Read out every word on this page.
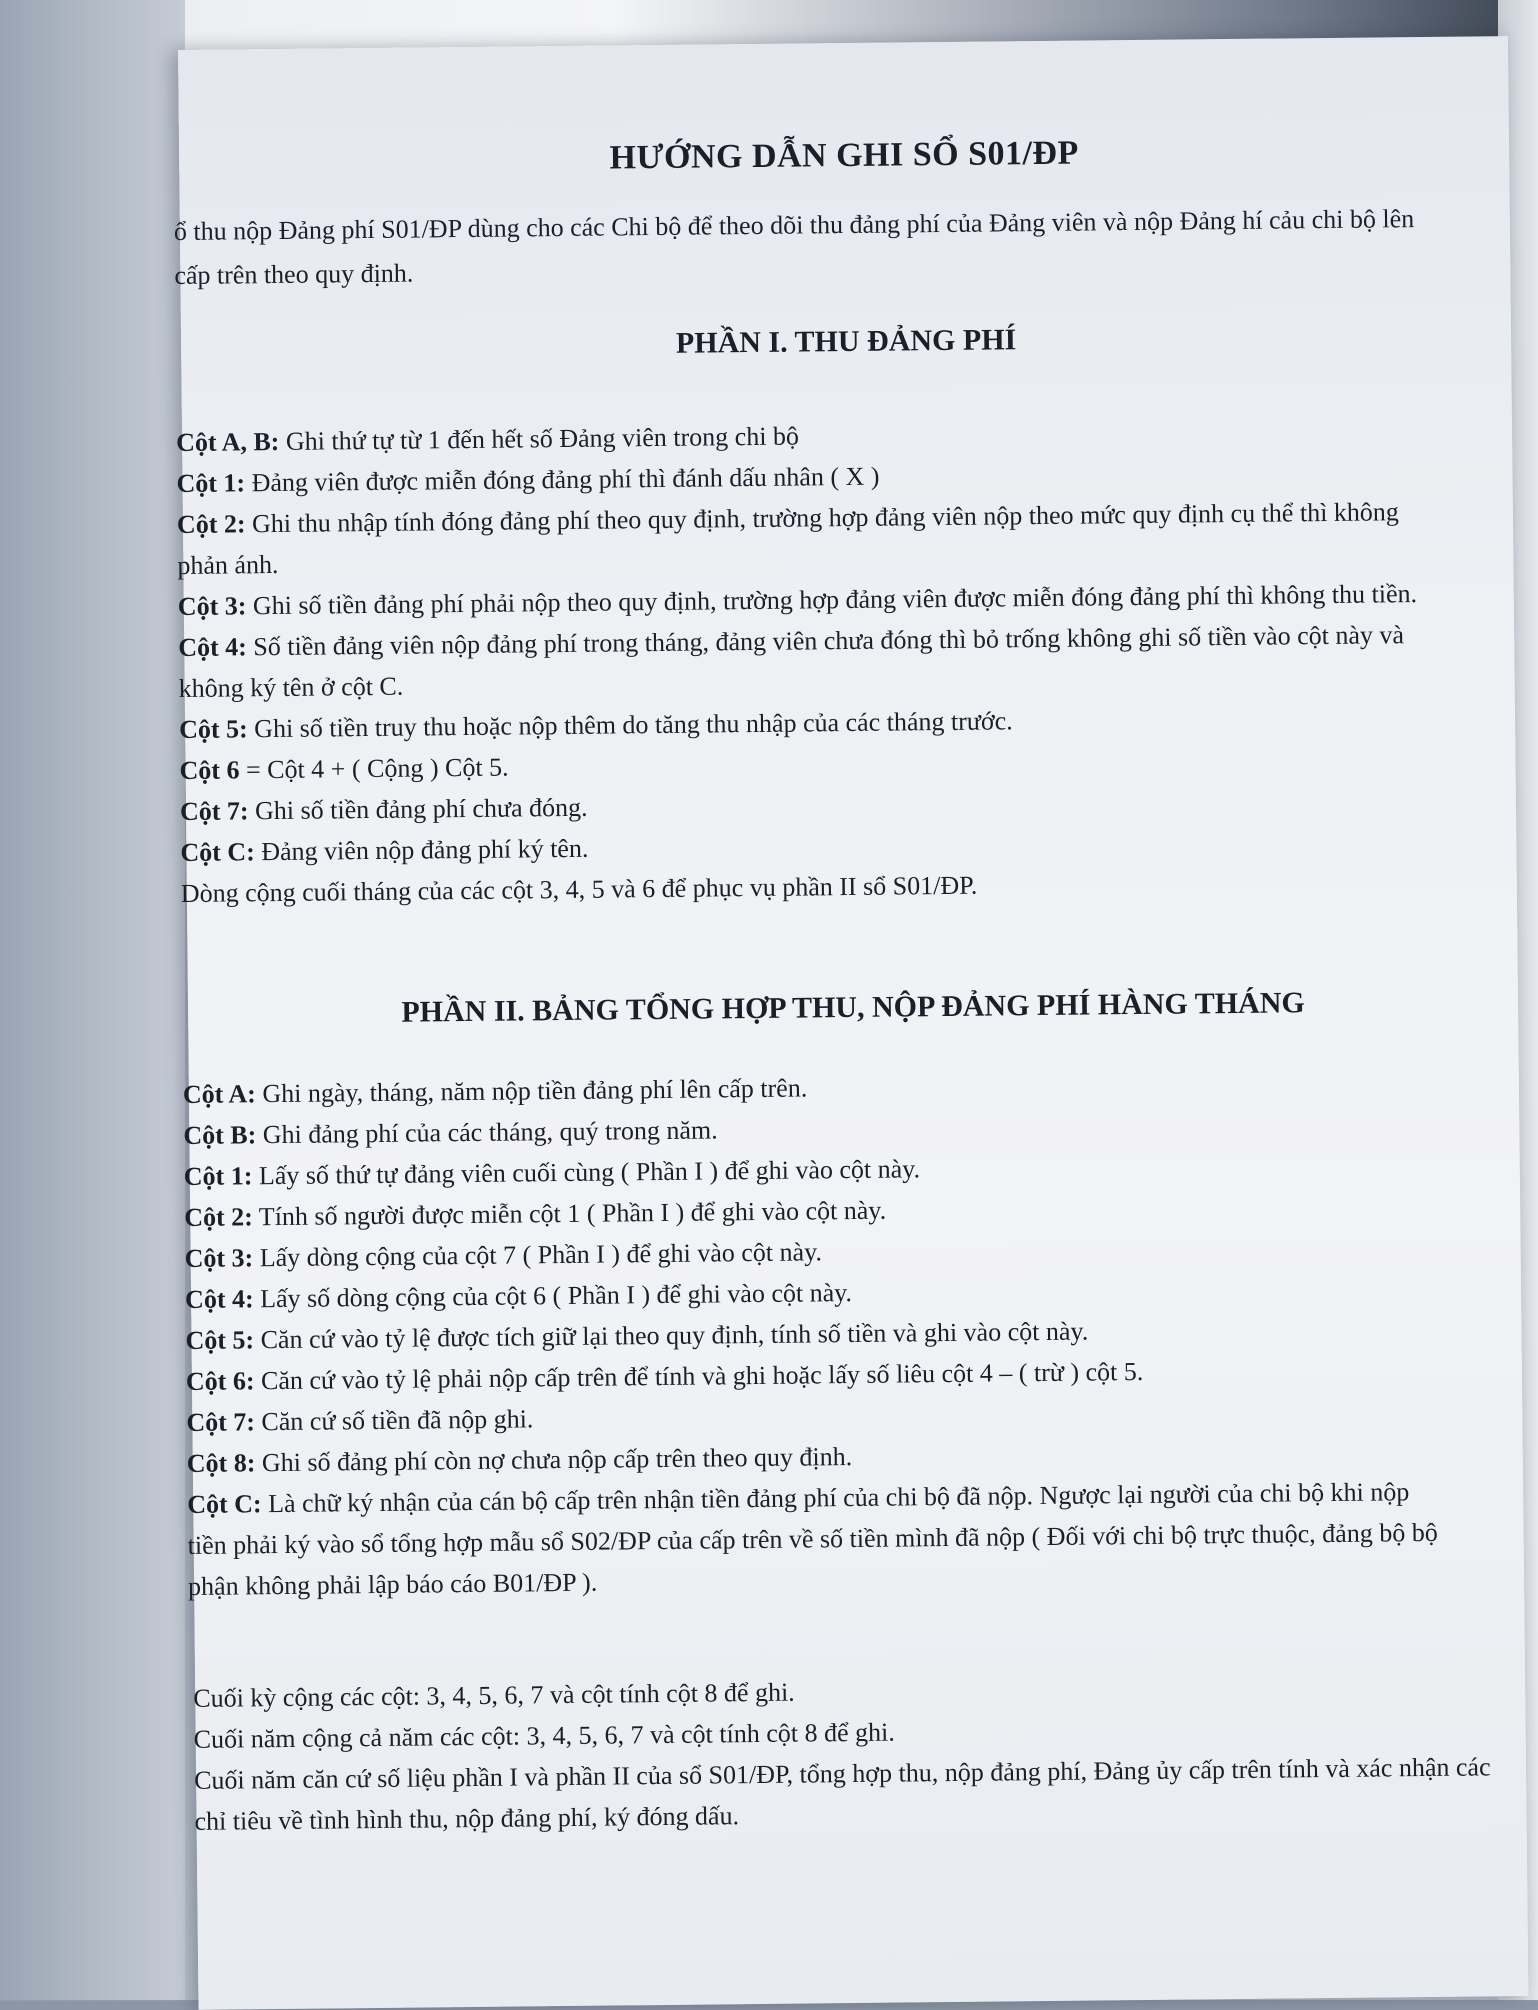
HƯỚNG DẪN GHI SỔ S01/ĐP
ổ thu nộp Đảng phí S01/ĐP dùng cho các Chi bộ để theo dõi thu đảng phí của Đảng viên và nộp Đảng hí cảu chi bộ lên cấp trên theo quy định.
PHẦN I. THU ĐẢNG PHÍ

Cột A, B: Ghi thứ tự từ 1 đến hết số Đảng viên trong chi bộ

Cột 1: Đảng viên được miễn đóng đảng phí thì đánh dấu nhân ( X )

Cột 2: Ghi thu nhập tính đóng đảng phí theo quy định, trường hợp đảng viên nộp theo mức quy định cụ thể thì không phản ánh.

Cột 3: Ghi số tiền đảng phí phải nộp theo quy định, trường hợp đảng viên được miễn đóng đảng phí thì không thu tiền.

Cột 4: Số tiền đảng viên nộp đảng phí trong tháng, đảng viên chưa đóng thì bỏ trống không ghi số tiền vào cột này và không ký tên ở cột C.

Cột 5: Ghi số tiền truy thu hoặc nộp thêm do tăng thu nhập của các tháng trước.

Cột 6 = Cột 4 + ( Cộng ) Cột 5.

Cột 7: Ghi số tiền đảng phí chưa đóng.

Cột C: Đảng viên nộp đảng phí ký tên.

Dòng cộng cuối tháng của các cột 3, 4, 5 và 6 để phục vụ phần II sổ S01/ĐP.

PHẦN II. BẢNG TỔNG HỢP THU, NỘP ĐẢNG PHÍ HÀNG THÁNG

Cột A: Ghi ngày, tháng, năm nộp tiền đảng phí lên cấp trên.

Cột B: Ghi đảng phí của các tháng, quý trong năm.

Cột 1: Lấy số thứ tự đảng viên cuối cùng ( Phần I ) để ghi vào cột này.

Cột 2: Tính số người được miễn cột 1 ( Phần I ) để ghi vào cột này.

Cột 3: Lấy dòng cộng của cột 7 ( Phần I ) để ghi vào cột này.

Cột 4: Lấy số dòng cộng của cột 6 ( Phần I ) để ghi vào cột này.

Cột 5: Căn cứ vào tỷ lệ được tích giữ lại theo quy định, tính số tiền và ghi vào cột này.

Cột 6: Căn cứ vào tỷ lệ phải nộp cấp trên để tính và ghi hoặc lấy số liêu cột 4 – ( trừ ) cột 5.

Cột 7: Căn cứ số tiền đã nộp ghi.

Cột 8: Ghi số đảng phí còn nợ chưa nộp cấp trên theo quy định.

Cột C: Là chữ ký nhận của cán bộ cấp trên nhận tiền đảng phí của chi bộ đã nộp. Ngược lại người của chi bộ khi nộp tiền phải ký vào sổ tổng hợp mẫu sổ S02/ĐP của cấp trên về số tiền mình đã nộp ( Đối với chi bộ trực thuộc, đảng bộ bộ phận không phải lập báo cáo B01/ĐP ).

Cuối kỳ cộng các cột: 3, 4, 5, 6, 7 và cột tính cột 8 để ghi.

Cuối năm cộng cả năm các cột: 3, 4, 5, 6, 7 và cột tính cột 8 để ghi.

Cuối năm căn cứ số liệu phần I và phần II của sổ S01/ĐP, tổng hợp thu, nộp đảng phí, Đảng ủy cấp trên tính và xác nhận các chỉ tiêu về tình hình thu, nộp đảng phí, ký đóng dấu.
